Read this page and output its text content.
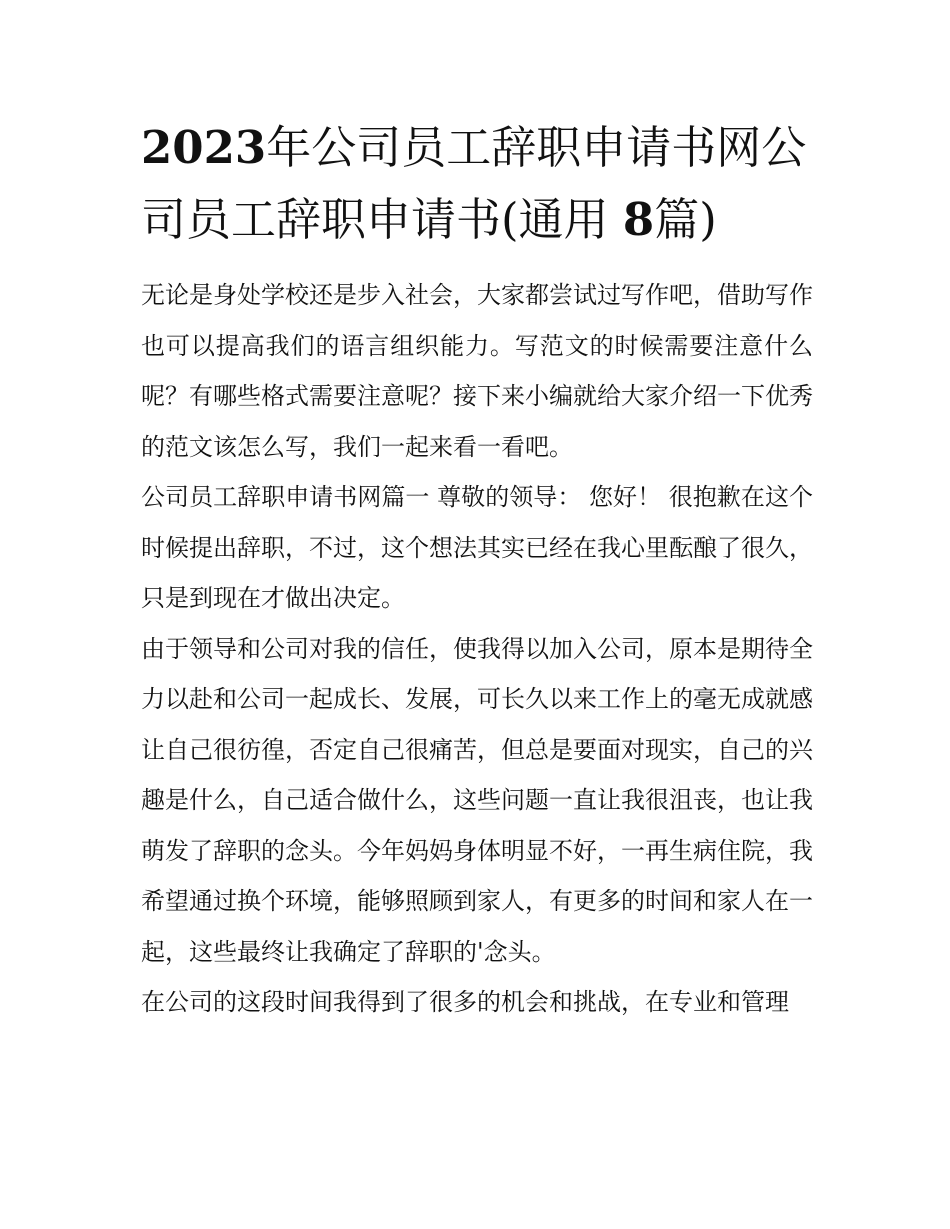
2023年公司员工辞职申请书网公司员工辞职申请书(通用 8篇)

无论是身处学校还是步入社会，大家都尝试过写作吧，借助写作也可以提高我们的语言组织能力。写范文的时候需要注意什么呢？有哪些格式需要注意呢？接下来小编就给大家介绍一下优秀的范文该怎么写，我们一起来看一看吧。

公司员工辞职申请书网篇一 尊敬的领导： 您好！ 很抱歉在这个时候提出辞职，不过，这个想法其实已经在我心里酝酿了很久，只是到现在才做出决定。

由于领导和公司对我的信任，使我得以加入公司，原本是期待全力以赴和公司一起成长、发展，可长久以来工作上的毫无成就感让自己很彷徨，否定自己很痛苦，但总是要面对现实，自己的兴趣是什么，自己适合做什么，这些问题一直让我很沮丧，也让我萌发了辞职的念头。今年妈妈身体明显不好，一再生病住院，我希望通过换个环境，能够照顾到家人，有更多的时间和家人在一起，这些最终让我确定了辞职的'念头。

在公司的这段时间我得到了很多的机会和挑战，在专业和管理
